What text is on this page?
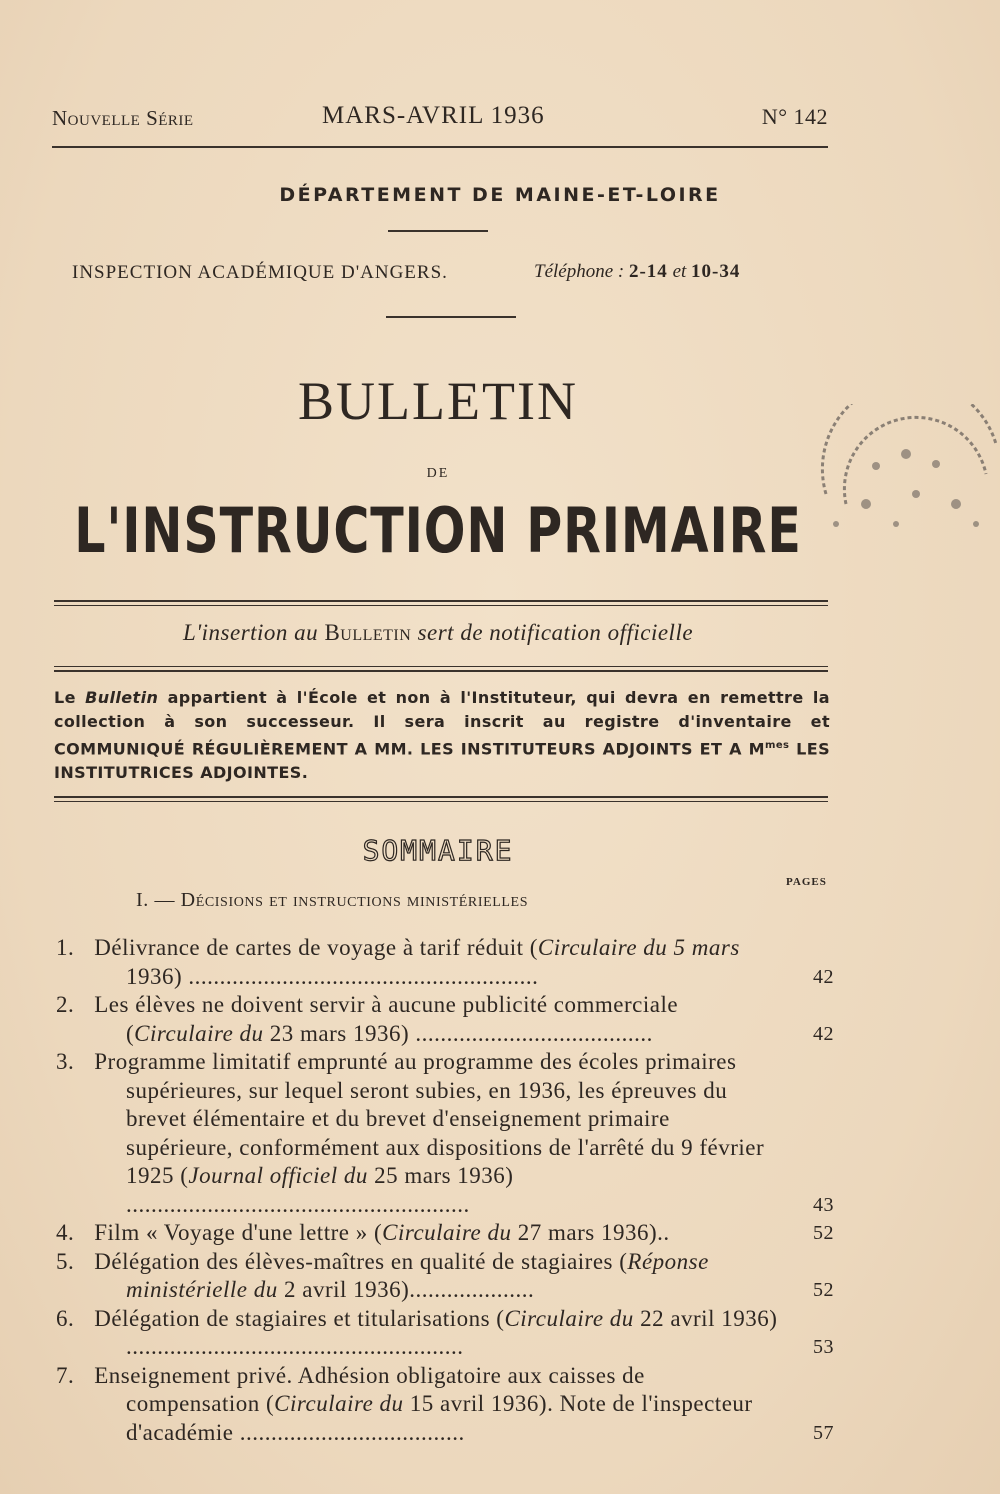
Nouvelle Série	MARS-AVRIL 1936	N° 142
DÉPARTEMENT DE MAINE-ET-LOIRE
INSPECTION ACADÉMIQUE D'ANGERS.	Téléphone : 2-14 et 10-34
BULLETIN
DE
L'INSTRUCTION PRIMAIRE
L'insertion au Bulletin sert de notification officielle
Le Bulletin appartient à l'École et non à l'Instituteur, qui devra en remettre la collection à son successeur. Il sera inscrit au registre d'inventaire et COMMUNIQUÉ RÉGULIÈREMENT A MM. LES INSTITUTEURS ADJOINTS ET A $M^{mes}$ LES INSTITUTRICES ADJOINTES.
SOMMAIRE
PAGES
I. — Décisions et instructions ministérielles

1. Délivrance de cartes de voyage à tarif réduit (Circulaire du 5 mars 1936) ........................................................	42

2. Les élèves ne doivent servir à aucune publicité commerciale (Circulaire du 23 mars 1936) ......................................	42

3. Programme limitatif emprunté au programme des écoles primaires supérieures, sur lequel seront subies, en 1936, les épreuves du brevet élémentaire et du brevet d'enseignement primaire supérieure, conformément aux dispositions de l'arrêté du 9 février 1925 (Journal officiel du 25 mars 1936) .......................................................	43

4. Film « Voyage d'une lettre » (Circulaire du 27 mars 1936)..	52

5. Délégation des élèves-maîtres en qualité de stagiaires (Réponse ministérielle du 2 avril 1936)....................	52

6. Délégation de stagiaires et titularisations (Circulaire du 22 avril 1936) ......................................................	53

7. Enseignement privé. Adhésion obligatoire aux caisses de compensation (Circulaire du 15 avril 1936). Note de l'inspecteur d'académie ....................................	57
